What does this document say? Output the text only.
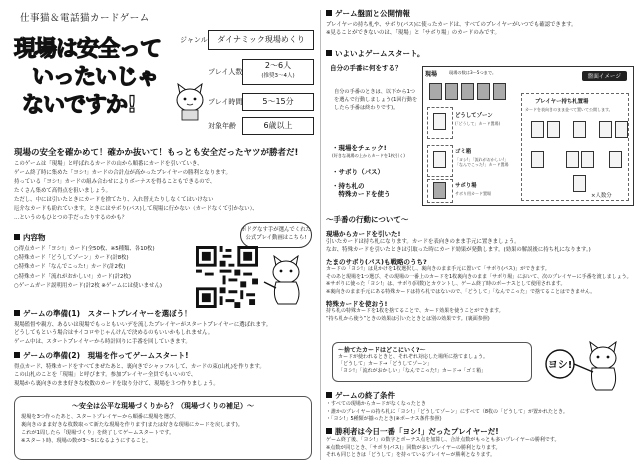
仕事猫＆電話猫カードゲーム
現場は安全って
いったいじゃ
ないですか!
ジャンル	ダイナミック現場めくり
プレイ人数
2〜6人
(推奨3〜4人)
プレイ時間	5〜15分
対象年齢	6歳以上
現場の安全を確かめて！確かか抜いて！もっとも安全だったヤツが勝者だ!

このゲームは「現場」と呼ばれるカードの山から順番にカードを引いていき、

ゲーム終了時に集めた「ヨシ!」カードの合計点が高かったプレイヤーの勝利となります。

持っている「ヨシ!」カードの組み合わせによりボーナスを得ることもできるので、

たくさん集めて高得点を狙いましょう。

ただし、中には引いたときにカードを捨てたり、入れ替えたりしなくてはいけない

厄介なカードも紛れています。ときにはサボり(パス)して現場に行かない（カードなくて引かない）、

…というのもひとつの手だったりするのかも？

内容物
○得点カード「ヨシ!」カード(全50枚、※5種類、各10枚)
○特殊カード「どうしてゾーン」カード(計8枚)
○特殊カード「なんでこった!」カード(計2枚)
○特殊カード「流れがおかしい!」カード(計2枚)
○ゲームガード説明用カード(計2枚 ※ゲームには使いません)
ポドグなす手が選んでくれた公式プレイ動画はこちら!
ゲームの準備(1)　スタートプレイヤーを選ぼう！
現場監督や親方、あるいは現場でもっともいいデを流したプレイヤーがスタートプレイヤーに選ばれます。
どうしてもという場合はサイコロやじゃんけんで決めるのもいいかもしれません。
ゲーム中は、スタートプレイヤーから時計回りに手番を回していきます。
ゲームの準備(2)　現場を作ってゲームスタート!
得点カード、特殊カードをすべてまぜたあと、裏向きでシャッフルして、カードの束(山札)を作ります。
この山札のことを「現場」と呼びます。参加プレイヤー全員でもいいので、
現場から裏向きのまま好きな枚数のカードを取り分けて、現場を３つ作りましょう。
〜安全は公平な現場づくりから？（現場づくりの補足）〜
現場を3つ作ったあと、スタートプレイヤーから順番に現場を選び、
裏向きのまま好きな枚数取って新たな現場を作ります(または好きな現場にカードを戻します)。
これが1周したら「現場づくり」を終了してゲームスタートです。
※スタート時、現場の数が3〜5になるようにすること。
ゲーム盤面と公開情報
プレイヤーの持ち札や、サボり(パス)に使ったカードは、すべてのプレイヤーがいつでも確認できます。
※見ることができないのは、「現場」と「サボり場」のカードのみです。
いよいよゲームスタート。
自分の手番に何をする？
自分の手番のときは、以下から1つを選んで行動しましょう(1回行動をしたら手番は終わりです)。
・現場をチェック!
(好きな現場の上からカードを1枚引く)
・サボり（パス）
・持ち札の
　特殊カードを使う
現場	現場の数は3〜5つまで。
盤面イメージ
どうしてゾーン
(「どうして」カード置場)
ゴミ箱
「ヨシ!」「流れがおかしい!」「なんでこった!」カード置場
サボり場
サボり用カード置場
プレイヤー持ち札置場
カードを表向きのまま並べて置いて公開します。
×人数分
〜手番の行動について〜
現場からカードを引いた!
引いたカードは持ち札になります。カードを表向きのまま手元に置きましょう。
なお、特殊カードを引いたときは引取った時にカード効果が発動します。(効果の解説後に持ち札になります。)
たまのサボり(パス)も戦略のうち?
カードの「ヨシ!」は見かけを1枚選択し、裏向きのまま手元に置いて「サボり(パス)」ができます。
そのあと現場を1つ選び、その現場の一番上のカードを1枚裏向きのまま「サボり場」において、次のプレイヤーに手番を渡しましょう。
※サボりに使った「ヨシ!」は、サボり(回数)とカウントし、ゲーム終了時のボーナスとして使用されます。
※裏向きのまま手元にある特殊カードは持ち札ではないので、「どうして」「なんでこった」で捨てることはできません。
特殊カードを使おう!
持ち札の特殊カードを1枚を捨てることで、カード効果を使うことができます。
“持ち札から使う”ときの効果は引いたときとは別の効果です。(裏面参照)
〜捨てたカードはどこにいく?〜
カードが使われるときと、それぞれ対応した場所に捨てましょう。
「どうして」カード→「どうしてゾーン」
「ヨシ!」「流れがおかしい」「なんでこった!」カード→「ゴミ箱」
ヨシ!
ゲームの終了条件
・すべての現場からカードがなくなったとき
・誰かのプレイヤーの持ち札に「ヨシ!」「どうしてゾーン」にすべて（8枚の「どうして」が置かれたとき。
・「ヨシ!」5種類が揃ったとき(※ボーナス条件参照)
勝利者は今日一番「ヨシ!」だったプレイヤーだ!
ゲーム終了後、「ヨシ!」の数字とボーナス点を加算し、合計点数がもっとも多いプレイヤーの勝利です。
※点数が同じとき、「サボり(パス)」回数が多いプレイヤーの勝利となります。
それも同じときは「どうして」を持っているプレイヤーが勝利となります。
